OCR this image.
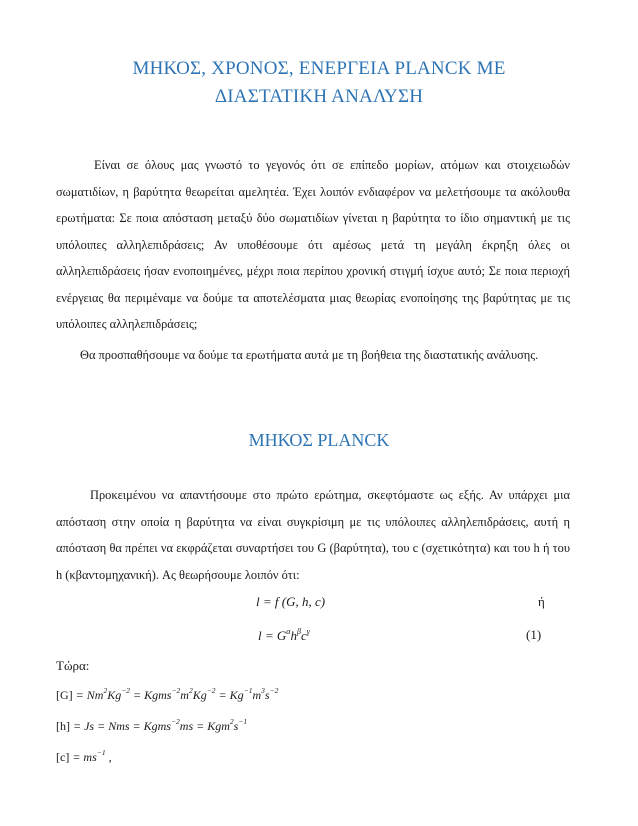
ΜΗΚΟΣ, ΧΡΟΝΟΣ, ΕΝΕΡΓΕΙΑ PLANCK ΜΕ
ΔΙΑΣΤΑΤΙΚΗ ΑΝΑΛΥΣΗ
Είναι σε όλους μας γνωστό το γεγονός ότι σε επίπεδο μορίων, ατόμων και στοιχειωδών σωματιδίων, η βαρύτητα θεωρείται αμελητέα. Έχει λοιπόν ενδιαφέρον να μελετήσουμε τα ακόλουθα ερωτήματα: Σε ποια απόσταση μεταξύ δύο σωματιδίων γίνεται η βαρύτητα το ίδιο σημαντική με τις υπόλοιπες αλληλεπιδράσεις; Αν υποθέσουμε ότι αμέσως μετά τη μεγάλη έκρηξη όλες οι αλληλεπιδράσεις ήσαν ενοποιημένες, μέχρι ποια περίπου χρονική στιγμή ίσχυε αυτό; Σε ποια περιοχή ενέργειας θα περιμέναμε να δούμε τα αποτελέσματα μιας θεωρίας ενοποίησης της βαρύτητας με τις υπόλοιπες αλληλεπιδράσεις;
Θα προσπαθήσουμε να δούμε τα ερωτήματα αυτά με τη βοήθεια της διαστατικής ανάλυσης.
ΜΗΚΟΣ PLANCK
Προκειμένου να απαντήσουμε στο πρώτο ερώτημα, σκεφτόμαστε ως εξής. Αν υπάρχει μια απόσταση στην οποία η βαρύτητα να είναι συγκρίσιμη με τις υπόλοιπες αλληλεπιδράσεις, αυτή η απόσταση θα πρέπει να εκφράζεται συναρτήσει του G (βαρύτητα), του c (σχετικότητα) και του h ή του h (κβαντομηχανική). Ας θεωρήσουμε λοιπόν ότι:
l = f (G, h, c)	ή
$l = G^\alpha h^\beta c^\gamma$	(1)
Τώρα:
$[G] = Nm^2Kg^{-2}$ = $Kgms^{-2}m^2Kg^{-2} = Kg^{-1}m^3s^{-2}$
[h] = Js = Nms = Kgms$^{-2}$ms = $Kgm^2s^{-1}$
$[c] = ms^{-1}$ ,
